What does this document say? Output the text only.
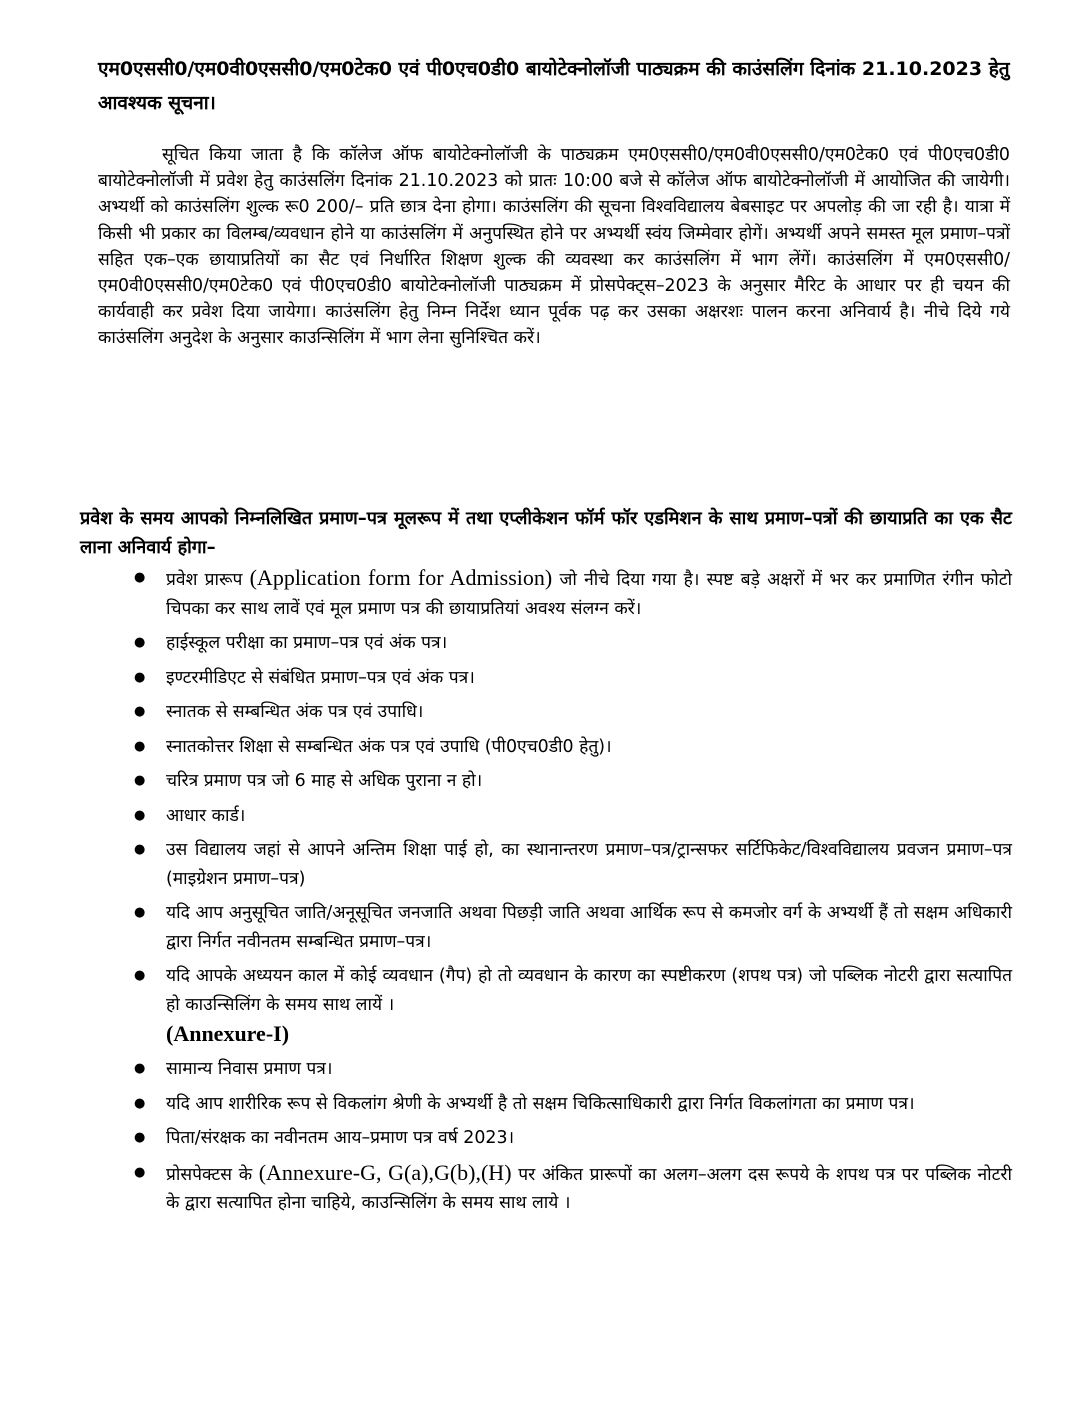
एम0एससी0/एम0वी0एससी0/एम0टेक0 एवं पी0एच0डी0 बायोटेक्नोलॉजी पाठ्यक्रम की काउंसलिंग दिनांक 21.10.2023 हेतु आवश्यक सूचना।
सूचित किया जाता है कि कॉलेज ऑफ बायोटेक्नोलॉजी के पाठ्यक्रम एम0एससी0/एम0वी0एससी0/एम0टेक0 एवं पी0एच0डी0 बायोटेक्नोलॉजी में प्रवेश हेतु काउंसलिंग दिनांक 21.10.2023 को प्रातः 10:00 बजे से कॉलेज ऑफ बायोटेक्नोलॉजी में आयोजित की जायेगी। अभ्यर्थी को काउंसलिंग शुल्क रू0 200/– प्रति छात्र देना होगा। काउंसलिंग की सूचना विश्वविद्यालय बेबसाइट पर अपलोड़ की जा रही है। यात्रा में किसी भी प्रकार का विलम्ब/व्यवधान होने या काउंसलिंग में अनुपस्थित होने पर अभ्यर्थी स्वंय जिम्मेवार होगें। अभ्यर्थी अपने समस्त मूल प्रमाण–पत्रों सहित एक–एक छायाप्रतियों का सैट एवं निर्धारित शिक्षण शुल्क की व्यवस्था कर काउंसलिंग में भाग लेंगें। काउंसलिंग में एम0एससी0/एम0वी0एससी0/एम0टेक0 एवं पी0एच0डी0 बायोटेक्नोलॉजी पाठ्यक्रम में प्रोसपेक्ट्स–2023 के अनुसार मैरिट के आधार पर ही चयन की कार्यवाही कर प्रवेश दिया जायेगा। काउंसलिंग हेतु निम्न निर्देश ध्यान पूर्वक पढ़ कर उसका अक्षरशः पालन करना अनिवार्य है। नीचे दिये गये काउंसलिंग अनुदेश के अनुसार काउन्सिलिंग में भाग लेना सुनिश्चित करें।
प्रवेश के समय आपको निम्नलिखित प्रमाण–पत्र मूलरूप में तथा एप्लीकेशन फॉर्म फॉर एडमिशन के साथ प्रमाण–पत्रों की छायाप्रति का एक सैट लाना अनिवार्य होगा–
● प्रवेश प्रारूप (Application form for Admission) जो नीचे दिया गया है। स्पष्ट बड़े अक्षरों में भर कर प्रमाणित रंगीन फोटो चिपका कर साथ लावें एवं मूल प्रमाण पत्र की छायाप्रतियां अवश्य संलग्न करें।
● हाईस्कूल परीक्षा का प्रमाण–पत्र एवं अंक पत्र।
● इण्टरमीडिएट से संबंधित प्रमाण–पत्र एवं अंक पत्र।
● स्नातक से सम्बन्धित अंक पत्र एवं उपाधि।
● स्नातकोत्तर शिक्षा से सम्बन्धित अंक पत्र एवं उपाधि (पी0एच0डी0 हेतु)।
● चरित्र प्रमाण पत्र जो 6 माह से अधिक पुराना न हो।
● आधार कार्ड।
● उस विद्यालय जहां से आपने अन्तिम शिक्षा पाई हो, का स्थानान्तरण प्रमाण–पत्र/ट्रान्सफर सर्टिफिकेट/विश्वविद्यालय प्रवजन प्रमाण–पत्र (माइग्रेशन प्रमाण–पत्र)
● यदि आप अनुसूचित जाति/अनूसूचित जनजाति अथवा पिछड़ी जाति अथवा आर्थिक रूप से कमजोर वर्ग के अभ्यर्थी हैं तो सक्षम अधिकारी द्वारा निर्गत नवीनतम सम्बन्धित प्रमाण–पत्र।
● यदि आपके अध्ययन काल में कोई व्यवधान (गैप) हो तो व्यवधान के कारण का स्पष्टीकरण (शपथ पत्र) जो पब्लिक नोटरी द्वारा सत्यापित हो काउन्सिलिंग के समय साथ लायें ।
(Annexure-I)
● सामान्य निवास प्रमाण पत्र।
● यदि आप शारीरिक रूप से विकलांग श्रेणी के अभ्यर्थी है तो सक्षम चिकित्साधिकारी द्वारा निर्गत विकलांगता का प्रमाण पत्र।
● पिता/संरक्षक का नवीनतम आय–प्रमाण पत्र वर्ष 2023।
● प्रोसपेक्टस के (Annexure-G, G(a),G(b),(H) पर अंकित प्रारूपों का अलग–अलग दस रूपये के शपथ पत्र पर पब्लिक नोटरी के द्वारा सत्यापित होना चाहिये, काउन्सिलिंग के समय साथ लाये ।
